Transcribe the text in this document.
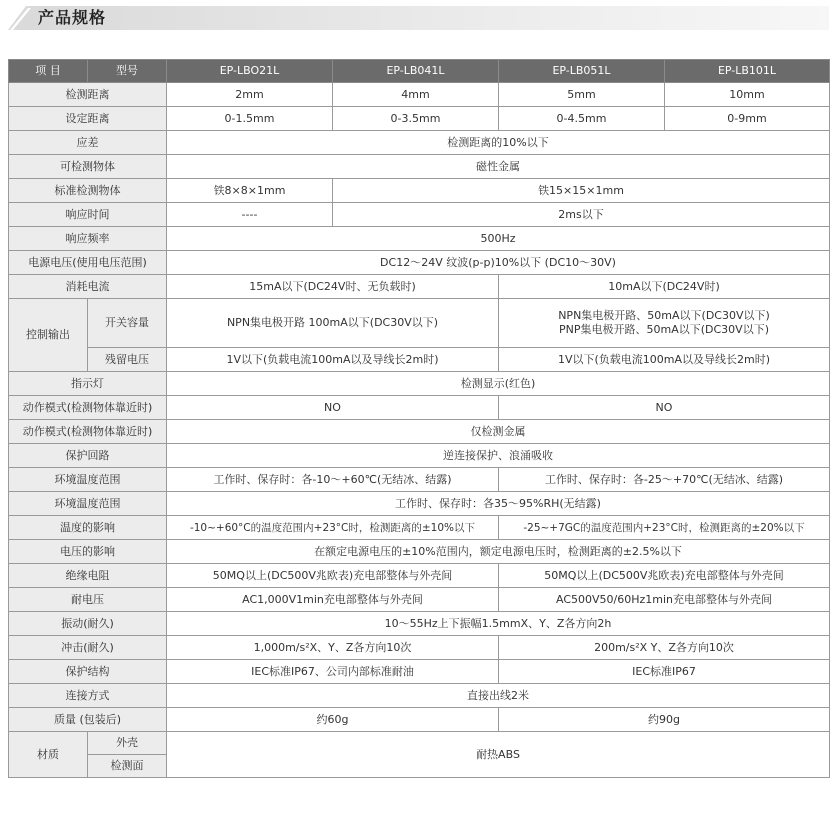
产品规格
项 目	型号	EP-LBO21L	EP-LB041L	EP-LB051L	EP-LB101L
检测距离		2mm	4mm	5mm	10mm
设定距离		0-1.5mm	0-3.5mm	0-4.5mm	0-9mm
应差		检测距离的10%以下			
可检测物体		磁性金属			
标准检测物体		铁8×8×1mm	铁15×15×1mm		
响应时间		----	2ms以下		
响应频率		500Hz			
电源电压(使用电压范围)		DC12～24V 纹波(p-p)10%以下 (DC10～30V)			
消耗电流		15mA以下(DC24V时、无负载时)		10mA以下(DC24V时)	
控制输出	开关容量	NPN集电极开路 100mA以下(DC30V以下)		NPN集电极开路、50mA以下(DC30V以下)
PNP集电极开路、50mA以下(DC30V以下)	

	残留电压	1V以下(负载电流100mA以及导线长2m时)		1V以下(负载电流100mA以及导线长2m时)	
指示灯		检测显示(红色)			
动作模式(检测物体靠近时)		NO		NO	
动作模式(检测物体靠近时)		仅检测金属			
保护回路		逆连接保护、浪涌吸收			
环境温度范围		工作时、保存时：各-10～+60℃(无结冰、结露)		工作时、保存时：各-25～+70℃(无结冰、结露)	
环境温度范围		工作时、保存时：各35～95%RH(无结露)			
温度的影响		-10~+60°C的温度范围内+23°C时，检测距离的±10%以下		-25~+7GC的温度范围内+23°C时，检测距离的±20%以下	
电压的影响		在额定电源电压的±10%范围内，额定电源电压时，检测距离的±2.5%以下			
绝缘电阻		50MQ以上(DC500V兆欧表)充电部整体与外壳间		50MQ以上(DC500V兆欧表)充电部整体与外壳间	
耐电压		AC1,000V1min充电部整体与外壳间		AC500V50/60Hz1min充电部整体与外壳间	
振动(耐久)		10～55Hz上下振幅1.5mmX、Y、Z各方向2h			
冲击(耐久)		1,000m/s²X、Y、Z各方向10次		200m/s²X Y、Z各方向10次	
保护结构		IEC标准IP67、公司内部标准耐油		IEC标准IP67	
连接方式		直接出线2米			
质量 (包装后)		约60g		约90g	
材质	外壳	耐热ABS			
	检测面				
